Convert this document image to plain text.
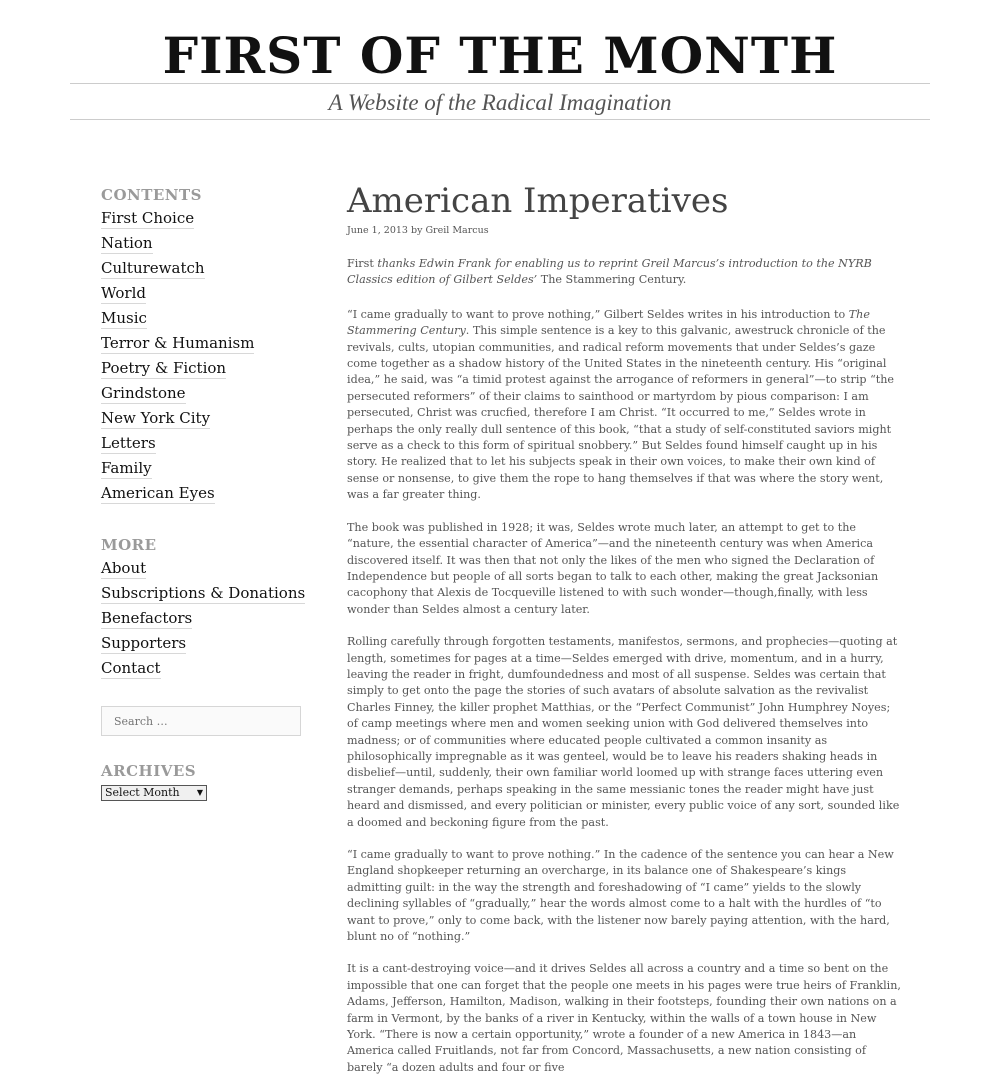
FIRST OF THE MONTH
A Website of the Radical Imagination
CONTENTS
First Choice
Nation
Culturewatch
World
Music
Terror & Humanism
Poetry & Fiction
Grindstone
New York City
Letters
Family
American Eyes
MORE
About
Subscriptions & Donations
Benefactors
Supporters
Contact
Search …
ARCHIVES
Select Month ▼
American Imperatives
June 1, 2013 by Greil Marcus

First thanks Edwin Frank for enabling us to reprint Greil Marcus’s introduction to the NYRB Classics edition of Gilbert Seldes’ The Stammering Century.

“I came gradually to want to prove nothing,” Gilbert Seldes writes in his introduction to The Stammering Century. This simple sentence is a key to this galvanic, awestruck chronicle of the revivals, cults, utopian communities, and radical reform movements that under Seldes’s gaze come together as a shadow history of the United States in the nineteenth century. His “original idea,” he said, was “a timid protest against the arrogance of reformers in general”—to strip “the persecuted reformers” of their claims to sainthood or martyrdom by pious comparison: I am persecuted, Christ was crucfied, therefore I am Christ. “It occurred to me,” Seldes wrote in perhaps the only really dull sentence of this book, “that a study of self-constituted saviors might serve as a check to this form of spiritual snobbery.” But Seldes found himself caught up in his story. He realized that to let his subjects speak in their own voices, to make their own kind of sense or nonsense, to give them the rope to hang themselves if that was where the story went, was a far greater thing.

The book was published in 1928; it was, Seldes wrote much later, an attempt to get to the “nature, the essential character of America”—and the nineteenth century was when America discovered itself. It was then that not only the likes of the men who signed the Declaration of Independence but people of all sorts began to talk to each other, making the great Jacksonian cacophony that Alexis de Tocqueville listened to with such wonder—though,finally, with less wonder than Seldes almost a century later.

Rolling carefully through forgotten testaments, manifestos, sermons, and prophecies—quoting at length, sometimes for pages at a time—Seldes emerged with drive, momentum, and in a hurry, leaving the reader in fright, dumfoundedness and most of all suspense. Seldes was certain that simply to get onto the page the stories of such avatars of absolute salvation as the revivalist Charles Finney, the killer prophet Matthias, or the “Perfect Communist” John Humphrey Noyes; of camp meetings where men and women seeking union with God delivered themselves into madness; or of communities where educated people cultivated a common insanity as philosophically impregnable as it was genteel, would be to leave his readers shaking heads in disbelief—until, suddenly, their own familiar world loomed up with strange faces uttering even stranger demands, perhaps speaking in the same messianic tones the reader might have just heard and dismissed, and every politician or minister, every public voice of any sort, sounded like a doomed and beckoning figure from the past.

“I came gradually to want to prove nothing.” In the cadence of the sentence you can hear a New England shopkeeper returning an overcharge, in its balance one of Shakespeare’s kings admitting guilt: in the way the strength and foreshadowing of “I came” yields to the slowly declining syllables of “gradually,” hear the words almost come to a halt with the hurdles of “to want to prove,” only to come back, with the listener now barely paying attention, with the hard, blunt no of “nothing.”

It is a cant-destroying voice—and it drives Seldes all across a country and a time so bent on the impossible that one can forget that the people one meets in his pages were true heirs of Franklin, Adams, Jefferson, Hamilton, Madison, walking in their footsteps, founding their own nations on a farm in Vermont, by the banks of a river in Kentucky, within the walls of a town house in New York. “There is now a certain opportunity,” wrote a founder of a new America in 1843—an America called Fruitlands, not far from Concord, Massachusetts, a new nation consisting of barely “a dozen adults and four or five
